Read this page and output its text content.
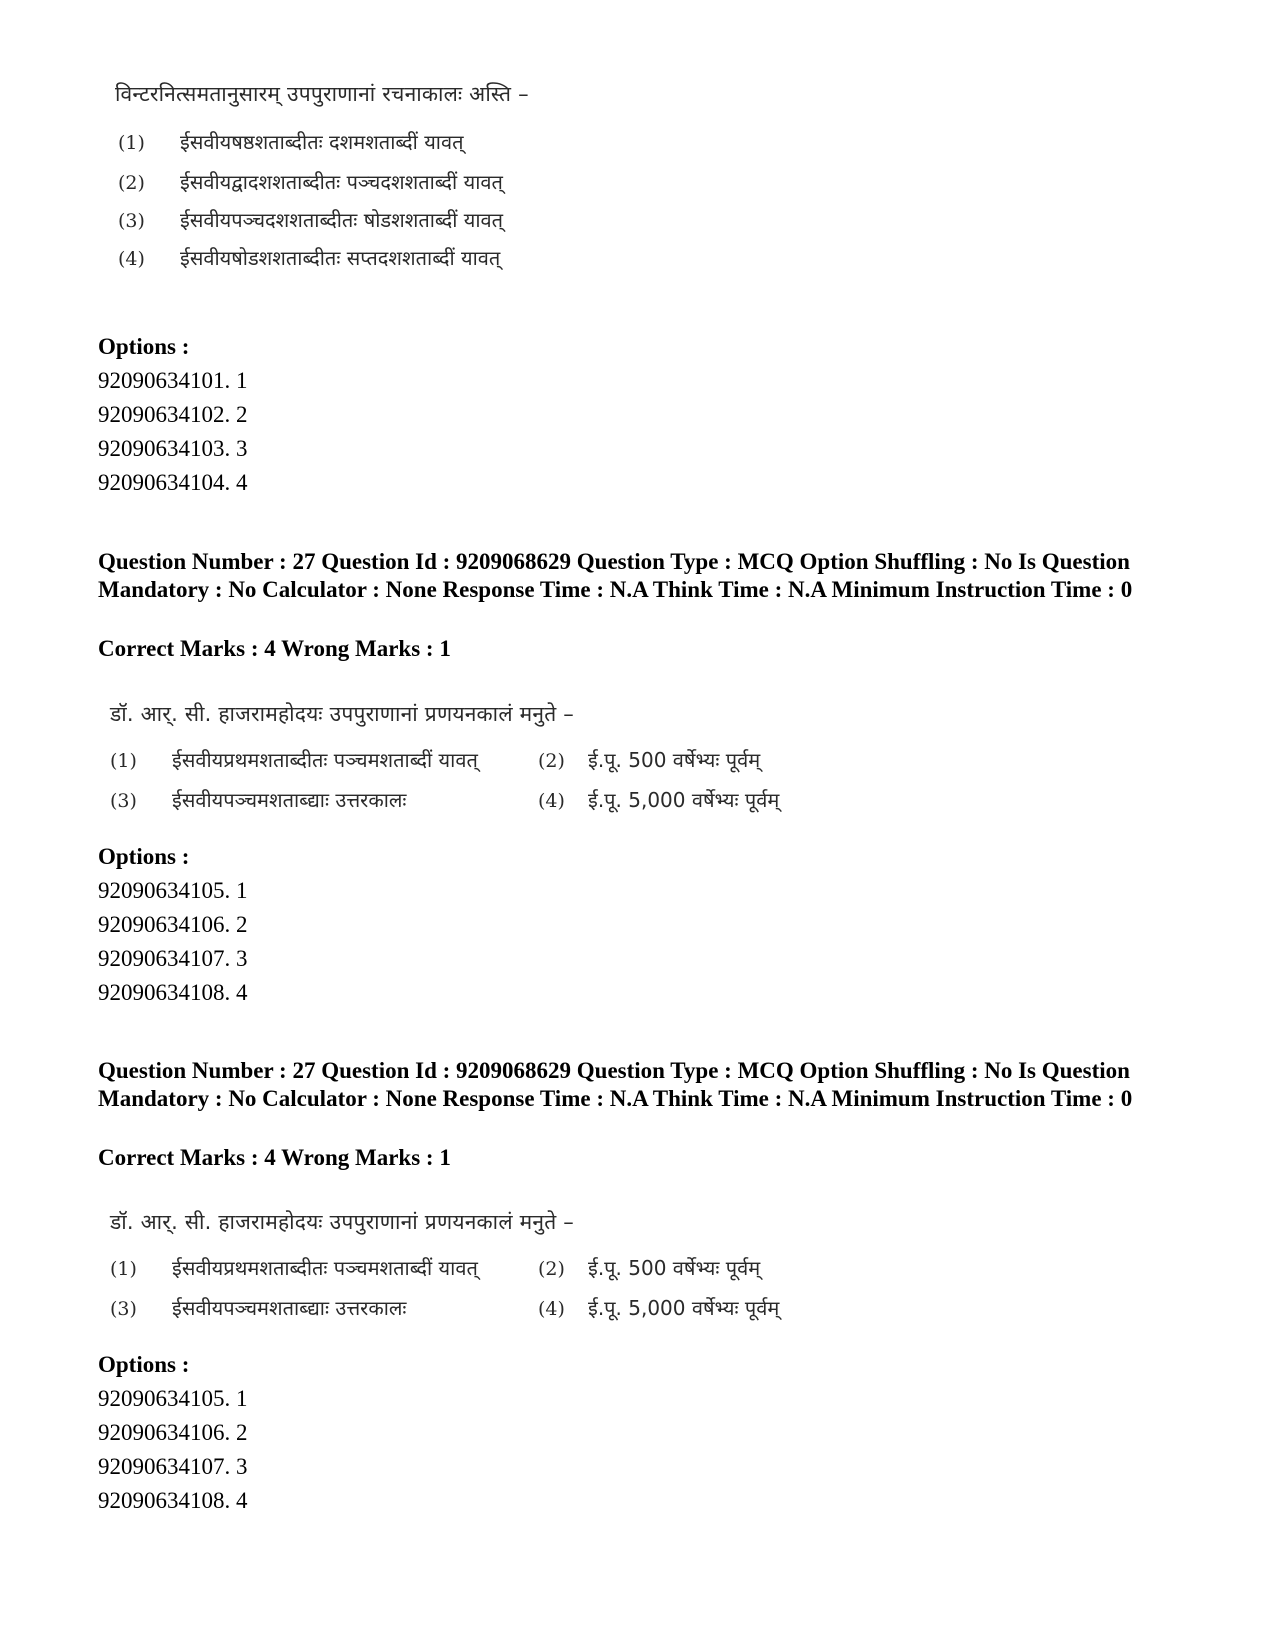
विन्टरनित्समतानुसारम् उपपुराणानां रचनाकालः अस्ति –
(1) ईसवीयषष्ठशताब्दीतः दशमशताब्दीं यावत्
(2) ईसवीयद्वादशशताब्दीतः पञ्चदशशताब्दीं यावत्
(3) ईसवीयपञ्चदशशताब्दीतः षोडशशताब्दीं यावत्
(4) ईसवीयषोडशशताब्दीतः सप्तदशशताब्दीं यावत्
Options :
92090634101. 1
92090634102. 2
92090634103. 3
92090634104. 4
Question Number : 27 Question Id : 9209068629 Question Type : MCQ Option Shuffling : No Is Question Mandatory : No Calculator : None Response Time : N.A Think Time : N.A Minimum Instruction Time : 0
Correct Marks : 4 Wrong Marks : 1
डॉ. आर्. सी. हाजरामहोदयः उपपुराणानां प्रणयनकालं मनुते –
(1) ईसवीयप्रथमशताब्दीतः पञ्चमशताब्दीं यावत्	(2) ई.पू. 500 वर्षेभ्यः पूर्वम्
(3) ईसवीयपञ्चमशताब्द्याः उत्तरकालः	(4) ई.पू. 5,000 वर्षेभ्यः पूर्वम्
Options :
92090634105. 1
92090634106. 2
92090634107. 3
92090634108. 4
Question Number : 27 Question Id : 9209068629 Question Type : MCQ Option Shuffling : No Is Question Mandatory : No Calculator : None Response Time : N.A Think Time : N.A Minimum Instruction Time : 0
Correct Marks : 4 Wrong Marks : 1
डॉ. आर्. सी. हाजरामहोदयः उपपुराणानां प्रणयनकालं मनुते –
(1) ईसवीयप्रथमशताब्दीतः पञ्चमशताब्दीं यावत्	(2) ई.पू. 500 वर्षेभ्यः पूर्वम्
(3) ईसवीयपञ्चमशताब्द्याः उत्तरकालः	(4) ई.पू. 5,000 वर्षेभ्यः पूर्वम्
Options :
92090634105. 1
92090634106. 2
92090634107. 3
92090634108. 4
